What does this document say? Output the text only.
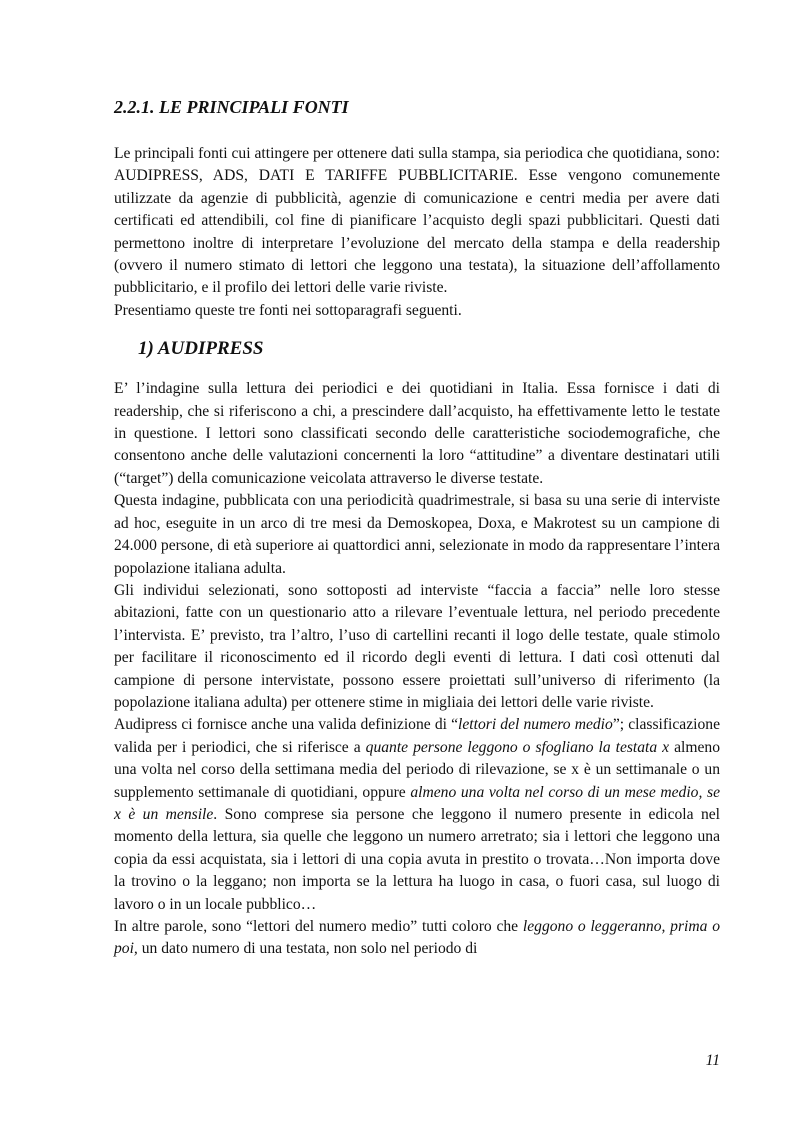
2.2.1. LE PRINCIPALI FONTI

Le principali fonti cui attingere per ottenere dati sulla stampa, sia periodica che quotidiana, sono: AUDIPRESS, ADS, DATI E TARIFFE PUBBLICITARIE. Esse vengono comunemente utilizzate da agenzie di pubblicità, agenzie di comunicazione e centri media per avere dati certificati ed attendibili, col fine di pianificare l’acquisto degli spazi pubblicitari. Questi dati permettono inoltre di interpretare l’evoluzione del mercato della stampa e della readership (ovvero il numero stimato di lettori che leggono una testata), la situazione dell’affollamento pubblicitario, e il profilo dei lettori delle varie riviste.

Presentiamo queste tre fonti nei sottoparagrafi seguenti.

1) AUDIPRESS

E’ l’indagine sulla lettura dei periodici e dei quotidiani in Italia. Essa fornisce i dati di readership, che si riferiscono a chi, a prescindere dall’acquisto, ha effettivamente letto le testate in questione. I lettori sono classificati secondo delle caratteristiche sociodemografiche, che consentono anche delle valutazioni concernenti la loro “attitudine” a diventare destinatari utili (“target”) della comunicazione veicolata attraverso le diverse testate.

Questa indagine, pubblicata con una periodicità quadrimestrale, si basa su una serie di interviste ad hoc, eseguite in un arco di tre mesi da Demoskopea, Doxa, e Makrotest su un campione di 24.000 persone, di età superiore ai quattordici anni, selezionate in modo da rappresentare l’intera popolazione italiana adulta.

Gli individui selezionati, sono sottoposti ad interviste “faccia a faccia” nelle loro stesse abitazioni, fatte con un questionario atto a rilevare l’eventuale lettura, nel periodo precedente l’intervista. E’ previsto, tra l’altro, l’uso di cartellini recanti il logo delle testate, quale stimolo per facilitare il riconoscimento ed il ricordo degli eventi di lettura. I dati così ottenuti dal campione di persone intervistate, possono essere proiettati sull’universo di riferimento (la popolazione italiana adulta) per ottenere stime in migliaia dei lettori delle varie riviste.

Audipress ci fornisce anche una valida definizione di “lettori del numero medio”; classificazione valida per i periodici, che si riferisce a quante persone leggono o sfogliano la testata x almeno una volta nel corso della settimana media del periodo di rilevazione, se x è un settimanale o un supplemento settimanale di quotidiani, oppure almeno una volta nel corso di un mese medio, se x è un mensile. Sono comprese sia persone che leggono il numero presente in edicola nel momento della lettura, sia quelle che leggono un numero arretrato; sia i lettori che leggono una copia da essi acquistata, sia i lettori di una copia avuta in prestito o trovata…Non importa dove la trovino o la leggano; non importa se la lettura ha luogo in casa, o fuori casa, sul luogo di lavoro o in un locale pubblico…

In altre parole, sono “lettori del numero medio” tutti coloro che leggono o leggeranno, prima o poi, un dato numero di una testata, non solo nel periodo di

11
